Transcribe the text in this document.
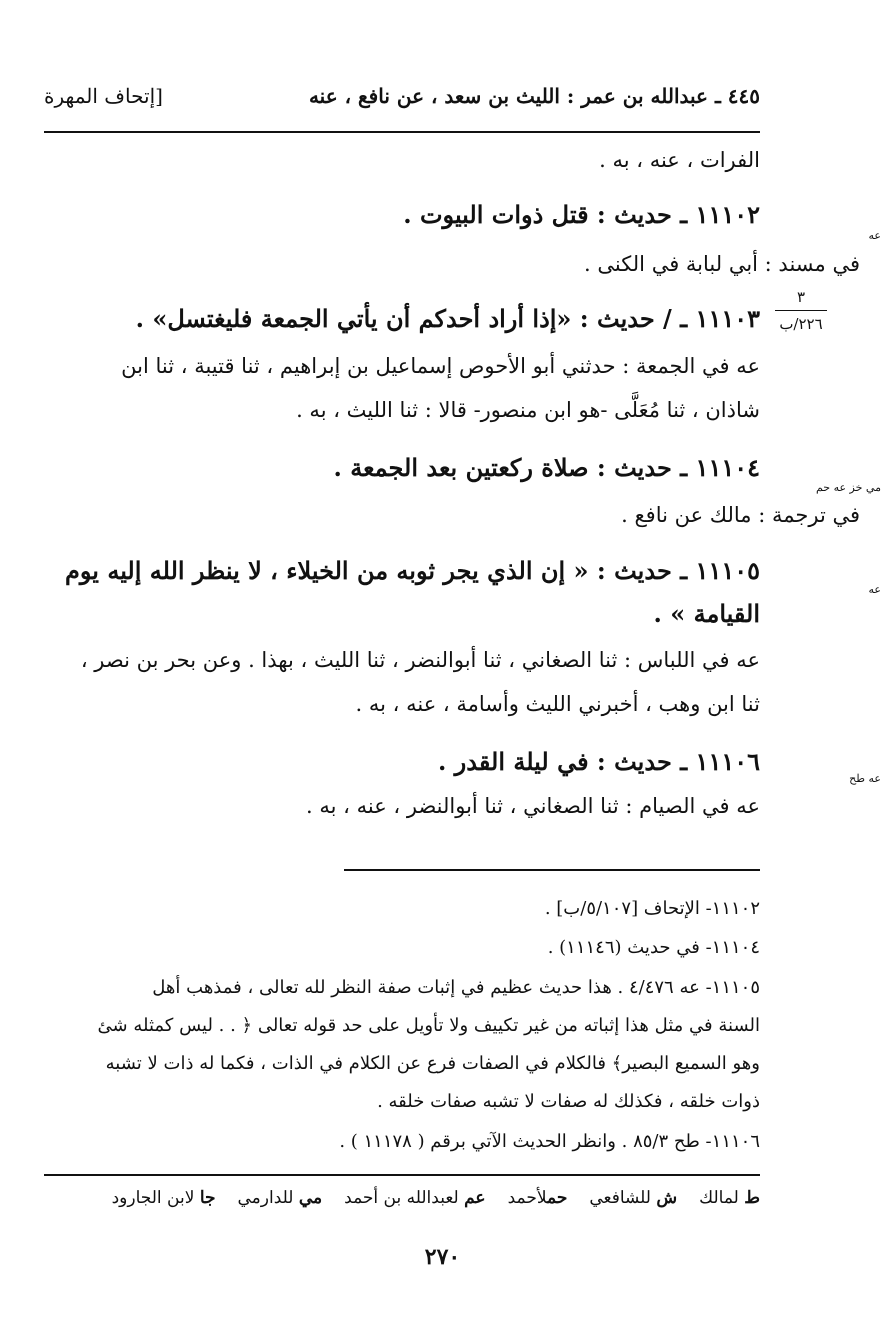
٤٤٥ ـ عبدالله بن عمر : الليث بن سعد ، عن نافع ، عنه
[إتحاف المهرة
٣
٢٢٦/ب
الفرات ، عنه ، به .
١١١٠٢ ـ حديث : قتل ذوات البيوت .
عه
في مسند : أبي لبابة في الكنى .
١١١٠٣ ـ / حديث : «إذا أراد أحدكم أن يأتي الجمعة فليغتسل» .
عه في الجمعة : حدثني أبو الأحوص إسماعيل بن إبراهيم ، ثنا قتيبة ، ثنا ابن
شاذان ، ثنا مُعَلَّى -هو ابن منصور- قالا : ثنا الليث ، به .
١١١٠٤ ـ حديث : صلاة ركعتين بعد الجمعة .
مي خز عه حم
في ترجمة : مالك عن نافع .
١١١٠٥ ـ حديث : « إن الذي يجر ثوبه من الخيلاء ، لا ينظر الله إليه يوم
عه
القيامة » .
عه في اللباس : ثنا الصغاني ، ثنا أبوالنضر ، ثنا الليث ، بهذا . وعن بحر بن نصر ،
ثنا ابن وهب ، أخبرني الليث وأسامة ، عنه ، به .
١١١٠٦ ـ حديث : في ليلة القدر .
عه طح
عه في الصيام : ثنا الصغاني ، ثنا أبوالنضر ، عنه ، به .
١١١٠٢- الإتحاف [٥/١٠٧/ب] .
١١١٠٤- في حديث (١١١٤٦) .
١١١٠٥- عه ٤/٤٧٦ . هذا حديث عظيم في إثبات صفة النظر لله تعالى ، فمذهب أهل
السنة في مثل هذا إثباته من غير تكييف ولا تأويل على حد قوله تعالى ﴿ . . ليس كمثله شئ
وهو السميع البصير﴾ فالكلام في الصفات فرع عن الكلام في الذات ، فكما له ذات لا تشبه
ذوات خلقه ، فكذلك له صفات لا تشبه صفات خلقه .
١١١٠٦- طح ٨٥/٣ . وانظر الحديث الآتي برقم ( ١١١٧٨ ) .
ط لمالك
ش للشافعي
حملأحمد
عم لعبدالله بن أحمد
مي للدارمي
جا لابن الجارود
٢٧٠
